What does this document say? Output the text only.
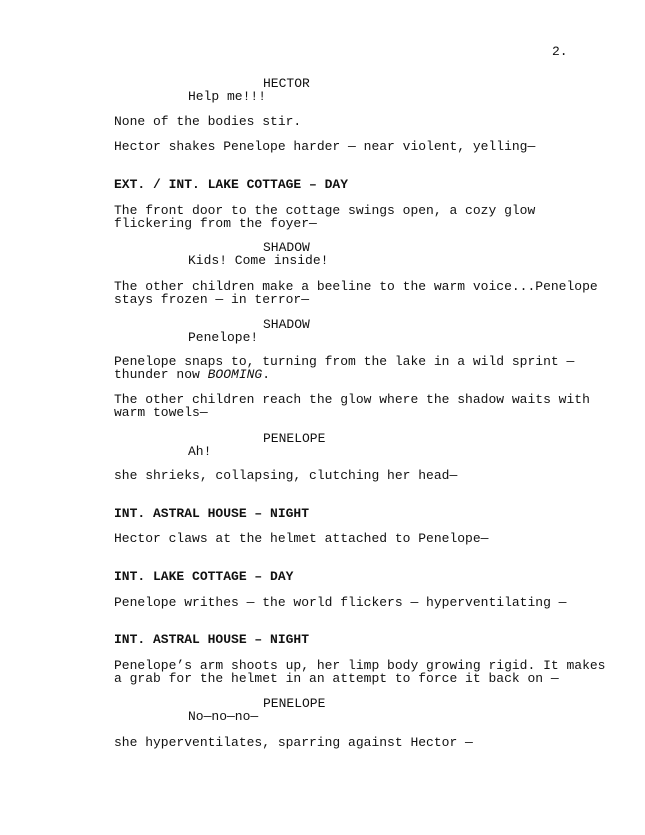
2.
HECTOR
Help me!!!
None of the bodies stir.
Hector shakes Penelope harder — near violent, yelling—
EXT. / INT. LAKE COTTAGE – DAY
The front door to the cottage swings open, a cozy glow
flickering from the foyer—
SHADOW
Kids! Come inside!
The other children make a beeline to the warm voice...Penelope
stays frozen — in terror—
SHADOW
Penelope!
Penelope snaps to, turning from the lake in a wild sprint —
thunder now BOOMING.
The other children reach the glow where the shadow waits with
warm towels—
PENELOPE
Ah!
she shrieks, collapsing, clutching her head—
INT. ASTRAL HOUSE – NIGHT
Hector claws at the helmet attached to Penelope—
INT. LAKE COTTAGE – DAY
Penelope writhes — the world flickers — hyperventilating —
INT. ASTRAL HOUSE – NIGHT
Penelope’s arm shoots up, her limp body growing rigid. It makes
a grab for the helmet in an attempt to force it back on —
PENELOPE
No—no—no—
she hyperventilates, sparring against Hector —
